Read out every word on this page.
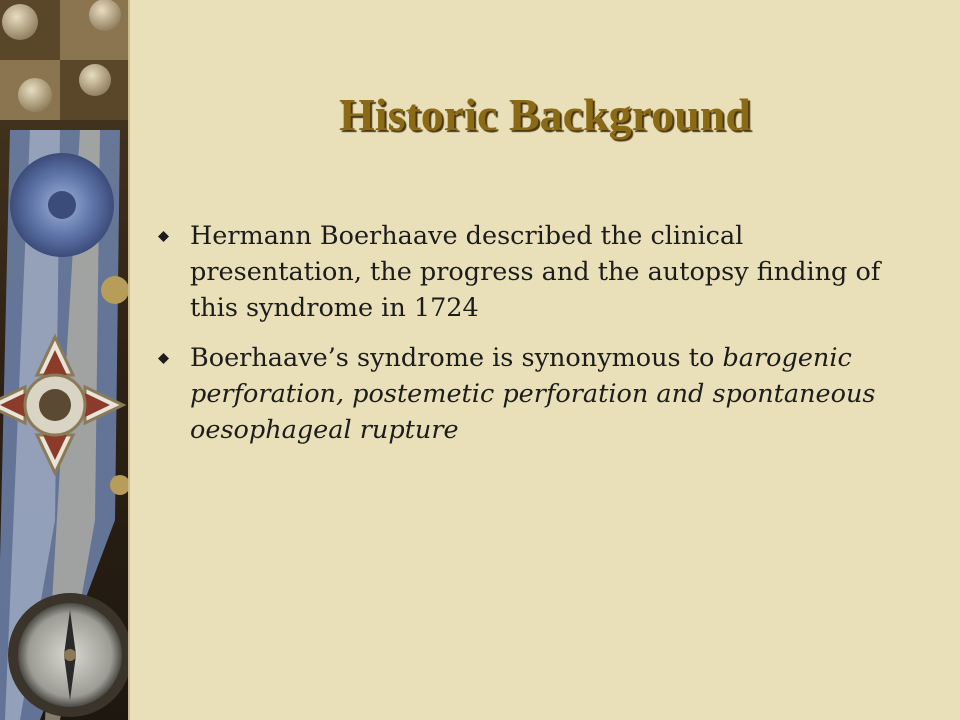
Historic Background
Hermann Boerhaave described the clinical presentation, the progress and the autopsy finding of this syndrome in 1724
Boerhaave’s syndrome is synonymous to barogenic perforation, postemetic perforation and spontaneous oesophageal rupture
